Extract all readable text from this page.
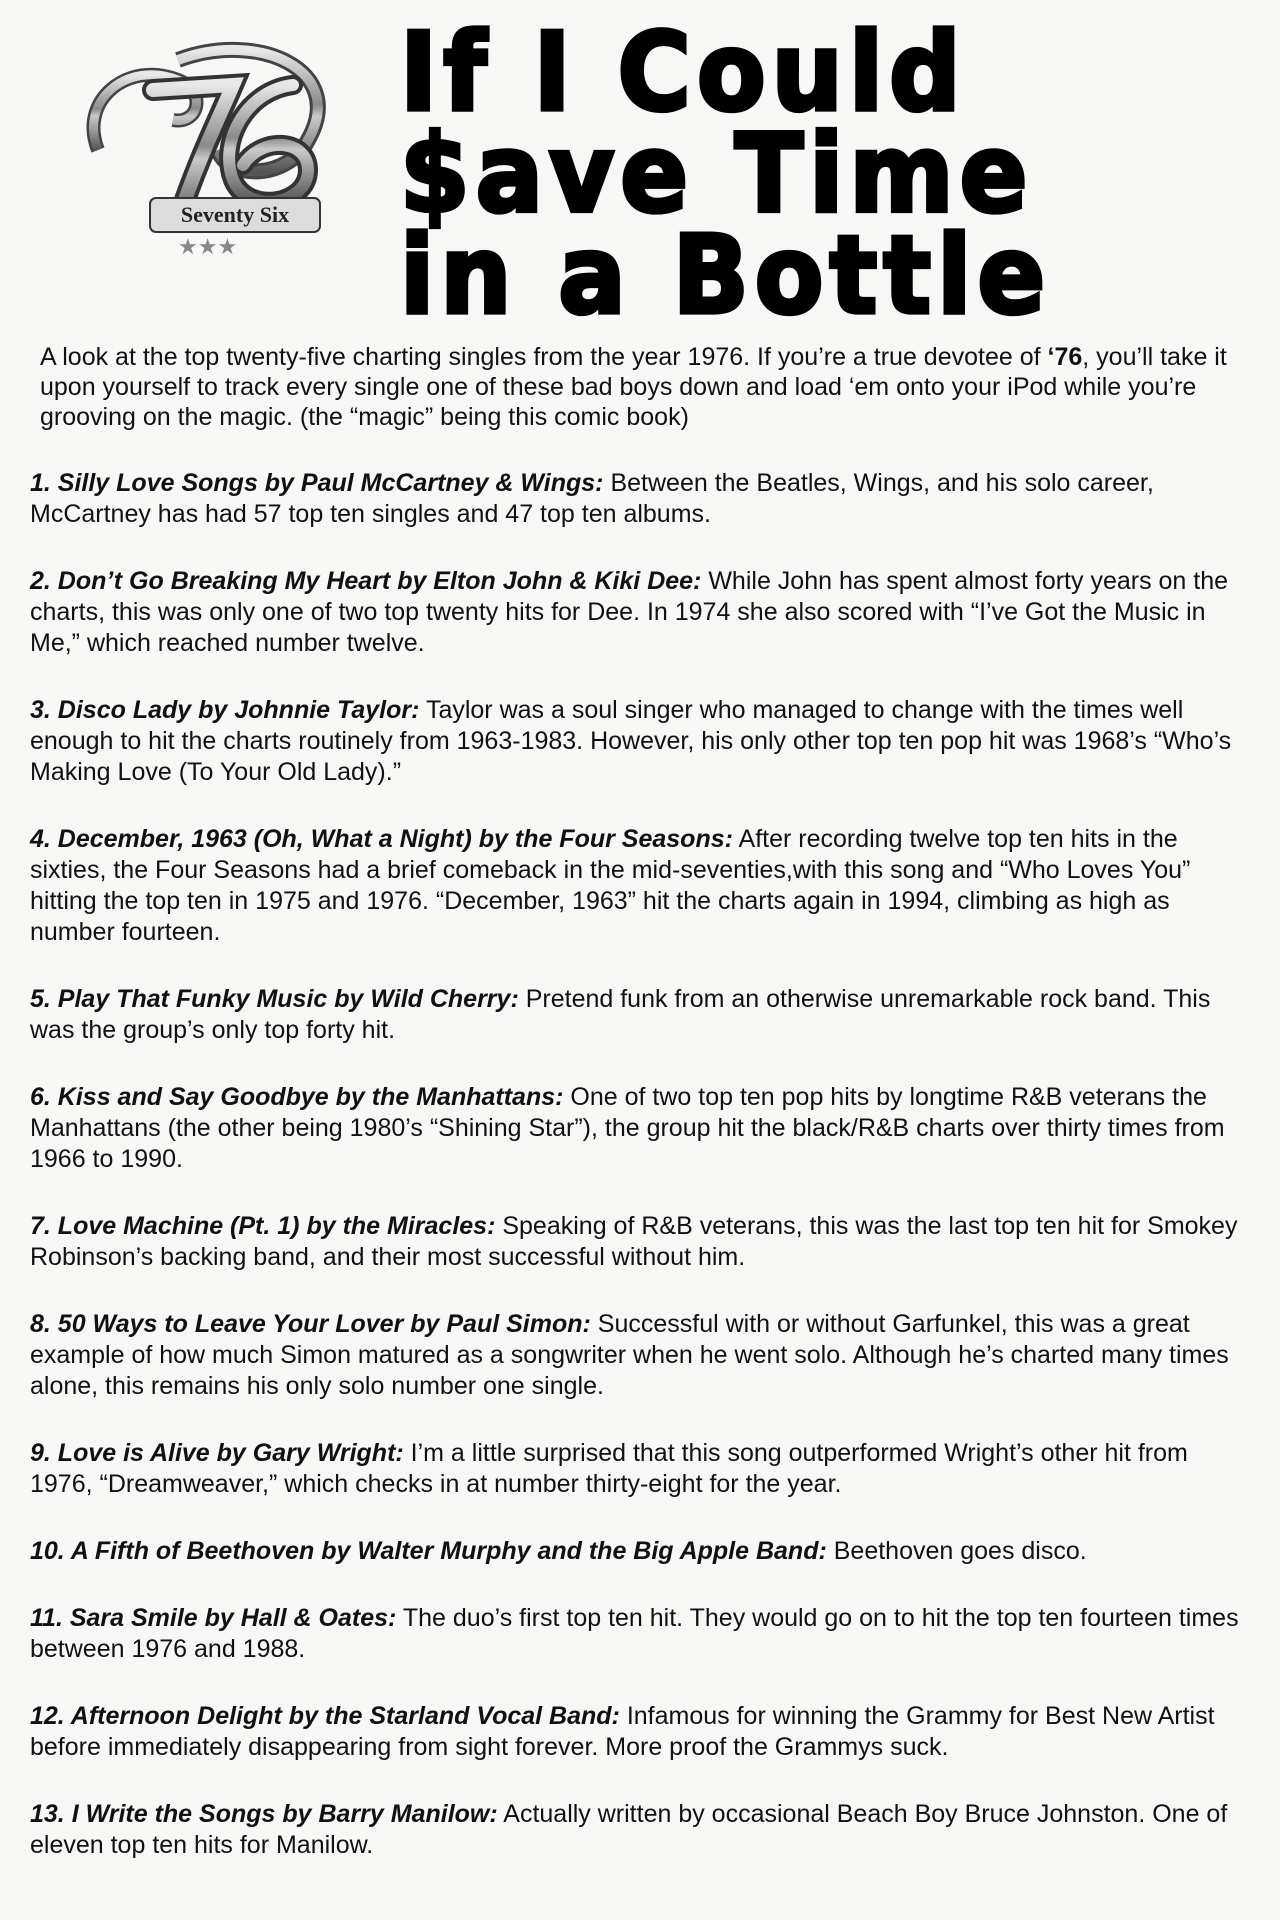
Seventy Six
★★★
If I Could
$ave Time
in a Bottle

A look at the top twenty-five charting singles from the year 1976. If you’re a true devotee of ‘76, you’ll take it upon yourself to track every single one of these bad boys down and load ‘em onto your iPod while you’re grooving on the magic. (the “magic” being this comic book)

1. Silly Love Songs by Paul McCartney & Wings: Between the Beatles, Wings, and his solo career, McCartney has had 57 top ten singles and 47 top ten albums.
2. Don’t Go Breaking My Heart by Elton John & Kiki Dee: While John has spent almost forty years on the charts, this was only one of two top twenty hits for Dee. In 1974 she also scored with “I’ve Got the Music in Me,” which reached number twelve.
3. Disco Lady by Johnnie Taylor: Taylor was a soul singer who managed to change with the times well enough to hit the charts routinely from 1963-1983. However, his only other top ten pop hit was 1968’s “Who’s Making Love (To Your Old Lady).”
4. December, 1963 (Oh, What a Night) by the Four Seasons: After recording twelve top ten hits in the sixties, the Four Seasons had a brief comeback in the mid-seventies,with this song and “Who Loves You” hitting the top ten in 1975 and 1976. “December, 1963” hit the charts again in 1994, climbing as high as number fourteen.
5. Play That Funky Music by Wild Cherry: Pretend funk from an otherwise unremarkable rock band. This was the group’s only top forty hit.
6. Kiss and Say Goodbye by the Manhattans: One of two top ten pop hits by longtime R&B veterans the Manhattans (the other being 1980’s “Shining Star”), the group hit the black/R&B charts over thirty times from 1966 to 1990.
7. Love Machine (Pt. 1) by the Miracles: Speaking of R&B veterans, this was the last top ten hit for Smokey Robinson’s backing band, and their most successful without him.
8. 50 Ways to Leave Your Lover by Paul Simon: Successful with or without Garfunkel, this was a great example of how much Simon matured as a songwriter when he went solo. Although he’s charted many times alone, this remains his only solo number one single.
9. Love is Alive by Gary Wright: I’m a little surprised that this song outperformed Wright’s other hit from 1976, “Dreamweaver,” which checks in at number thirty-eight for the year.
10. A Fifth of Beethoven by Walter Murphy and the Big Apple Band: Beethoven goes disco.
11. Sara Smile by Hall & Oates: The duo’s first top ten hit. They would go on to hit the top ten fourteen times between 1976 and 1988.
12. Afternoon Delight by the Starland Vocal Band: Infamous for winning the Grammy for Best New Artist before immediately disappearing from sight forever. More proof the Grammys suck.
13. I Write the Songs by Barry Manilow: Actually written by occasional Beach Boy Bruce Johnston. One of eleven top ten hits for Manilow.
